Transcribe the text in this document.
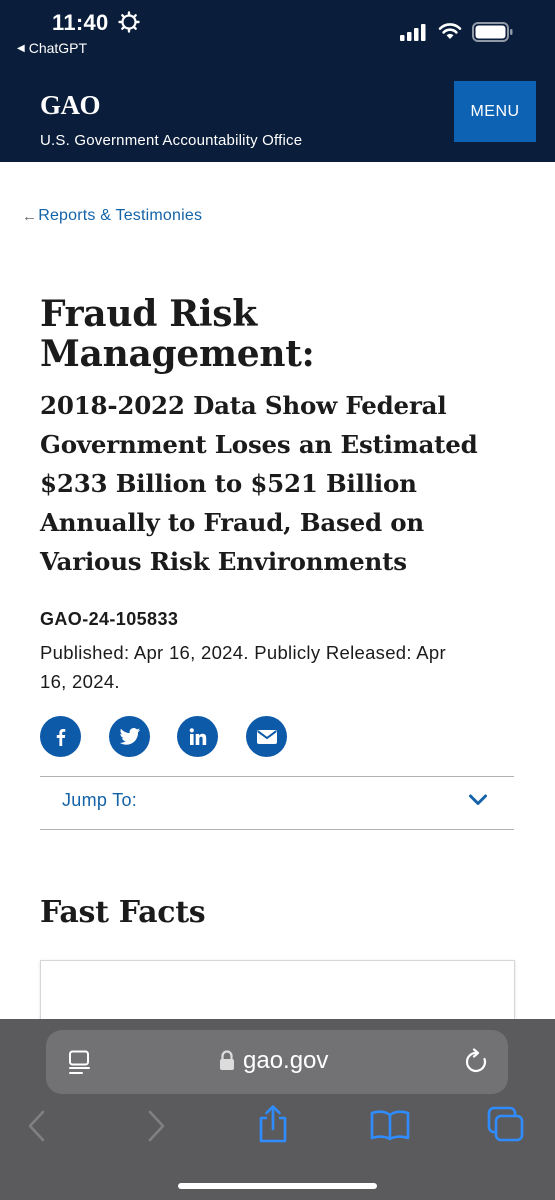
11:40
◀ ChatGPT
GAO
U.S. Government Accountability Office
MENU
← Reports & Testimonies
Fraud Risk
Management:
2018-2022 Data Show Federal
Government Loses an Estimated
$233 Billion to $521 Billion
Annually to Fraud, Based on
Various Risk Environments
GAO-24-105833
Published: Apr 16, 2024. Publicly Released: Apr
16, 2024.
Jump To:
Fast Facts
gao.gov
